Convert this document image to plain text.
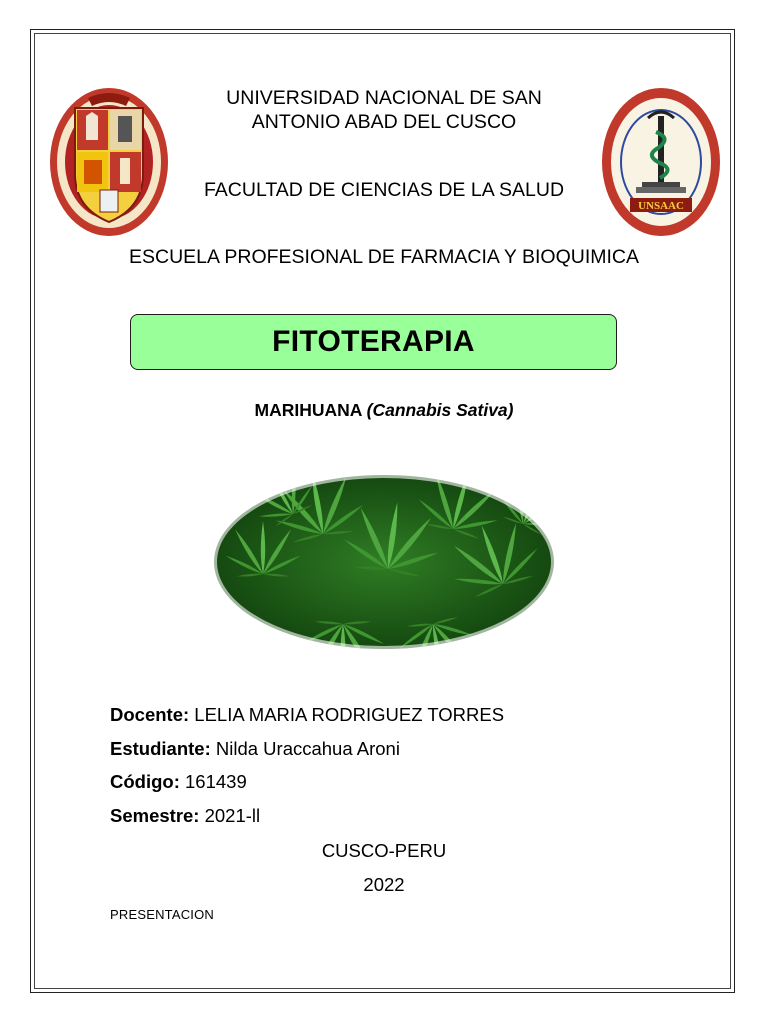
UNSAAC
UNIVERSIDAD NACIONAL DE SAN
ANTONIO ABAD DEL CUSCO
FACULTAD DE CIENCIAS DE LA SALUD
ESCUELA PROFESIONAL DE FARMACIA Y BIOQUIMICA
FITOTERAPIA
MARIHUANA (Cannabis Sativa)
Docente: LELIA MARIA RODRIGUEZ TORRES
Estudiante: Nilda Uraccahua Aroni
Código: 161439
Semestre: 2021-ll
CUSCO-PERU
2022
PRESENTACION
